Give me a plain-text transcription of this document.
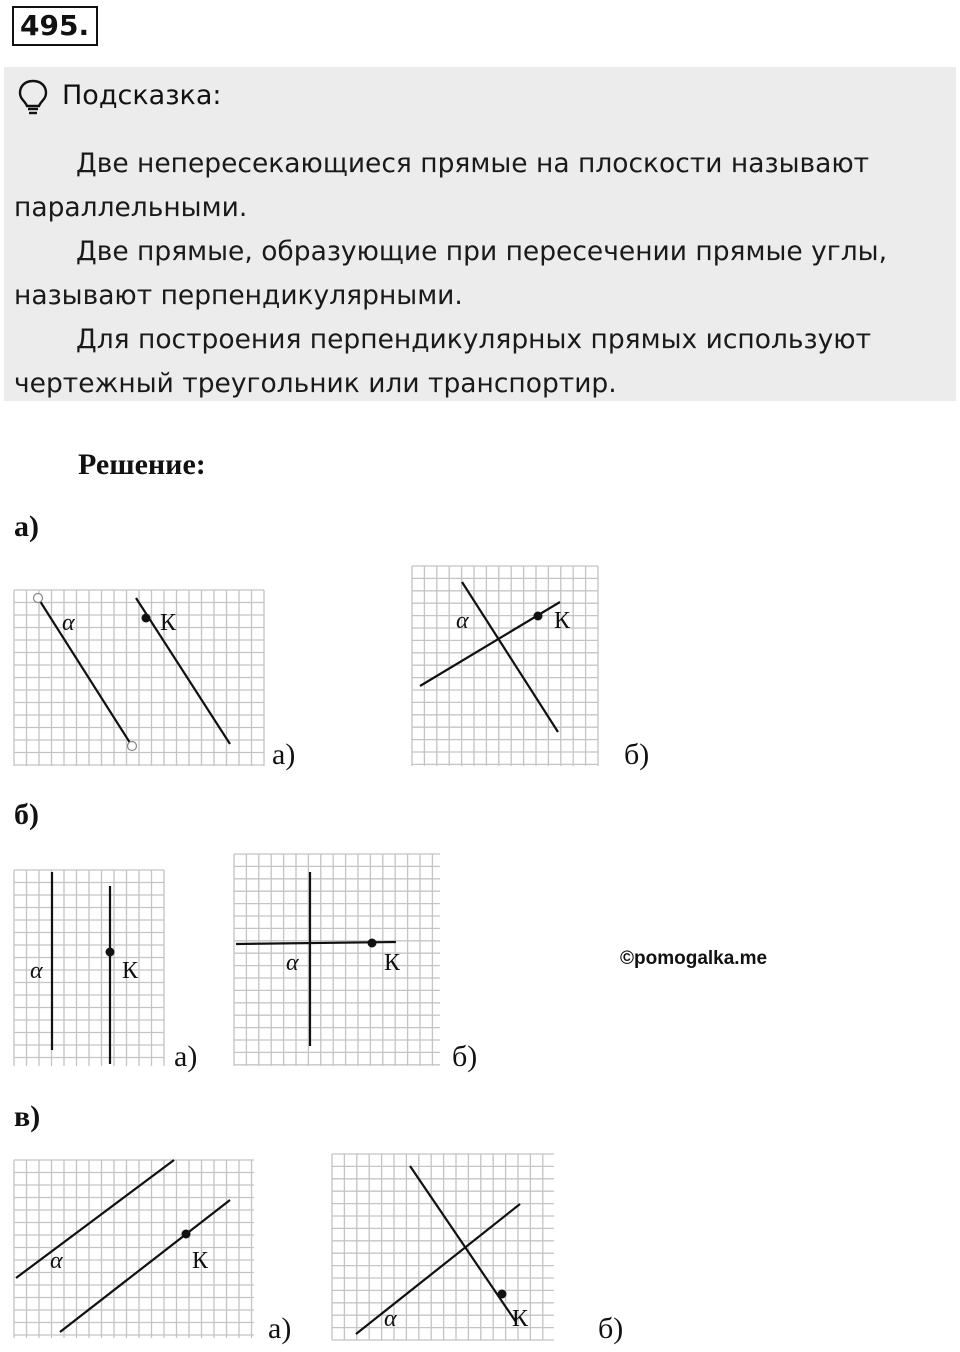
495.
Подсказка:

Две непересекающиеся прямые на плоскости называют параллельными.

Две прямые, образующие при пересечении прямые углы, называют перпендикулярными.

Для построения перпендикулярных прямых используют чертежный треугольник или транспортир.

Решение:
а)
α	К
а)
α	К
б)
б)
α	К
а)
α	К
б)
©pomogalka.me
в)
α	К
а)	α	К б)
